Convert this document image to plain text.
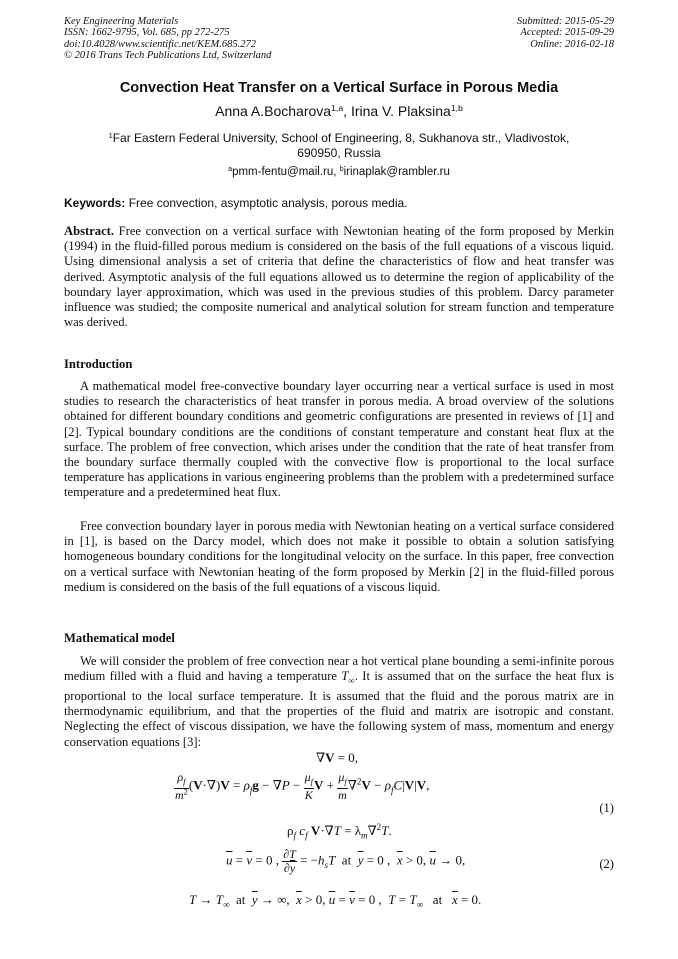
Key Engineering Materials
ISSN: 1662-9795, Vol. 685, pp 272-275
doi:10.4028/www.scientific.net/KEM.685.272
© 2016 Trans Tech Publications Ltd, Switzerland
Submitted: 2015-05-29
Accepted: 2015-09-29
Online: 2016-02-18
Convection Heat Transfer on a Vertical Surface in Porous Media
Anna A.Bocharova$^{1,a}$, Irina V. Plaksina$^{1,b}$
$^1$Far Eastern Federal University, School of Engineering, 8, Sukhanova str., Vladivostok,
690950, Russia
$^a$pmm-fentu@mail.ru, $^b$irinaplak@rambler.ru
Keywords: Free convection, asymptotic analysis, porous media.
Abstract. Free convection on a vertical surface with Newtonian heating of the form proposed by Merkin (1994) in the fluid-filled porous medium is considered on the basis of the full equations of a viscous liquid. Using dimensional analysis a set of criteria that define the characteristics of flow and heat transfer was derived. Asymptotic analysis of the full equations allowed us to determine the region of applicability of the boundary layer approximation, which was used in the previous studies of this problem. Darcy parameter influence was studied; the composite numerical and analytical solution for stream function and temperature was derived.
Introduction
A mathematical model free-convective boundary layer occurring near a vertical surface is used in most studies to research the characteristics of heat transfer in porous media. A broad overview of the solutions obtained for different boundary conditions and geometric configurations are presented in reviews of [1] and [2]. Typical boundary conditions are the conditions of constant temperature and constant heat flux at the surface. The problem of free convection, which arises under the condition that the rate of heat transfer from the boundary surface thermally coupled with the convective flow is proportional to the local surface temperature has applications in various engineering problems than the problem with a predetermined surface temperature and a predetermined heat flux.
Free convection boundary layer in porous media with Newtonian heating on a vertical surface considered in [1], is based on the Darcy model, which does not make it possible to obtain a solution satisfying homogeneous boundary conditions for the longitudinal velocity on the surface. In this paper, free convection on a vertical surface with Newtonian heating of the form proposed by Merkin [2] in the fluid-filled porous medium is considered on the basis of the full equations of a viscous liquid.
Mathematical model
We will consider the problem of free convection near a hot vertical plane bounding a semi-infinite porous medium filled with a fluid and having a temperature $T_\infty$. It is assumed that on the surface the heat flux is proportional to the local surface temperature. It is assumed that the fluid and the porous matrix are in thermodynamic equilibrium, and that the properties of the fluid and matrix are isotropic and constant. Neglecting the effect of viscous dissipation, we have the following system of mass, momentum and energy conservation equations [3]:
∇V = 0,
$\frac{\rho_f}{m^2} (V\cdot\nabla)V = \rho_fg - \nabla P - \frac{\mu_f}{K}$ $V + \frac{\mu_f}{m} \nabla^2V - \rho_fC|V|V$,
(1)
$\rho_f$ $c_f$ $V\cdot\nabla T = \lambda_m\nabla^2T$.
$\overline{u} = \overline{v} = 0$ , $\frac{\partial T}{\partial\overline{y}} = -h_sT$  at  $\overline{y} = 0$ ,  $\overline{x} > 0$, $\overline{u} \to 0$,	(2)
$T \to T_\infty$  at  $\overline{y}$ → ∞,  $\overline{x} > 0$, $\overline{u} = \overline{v} = 0$ ,  $T = T_\infty$   at   $\overline{x} = 0$.
